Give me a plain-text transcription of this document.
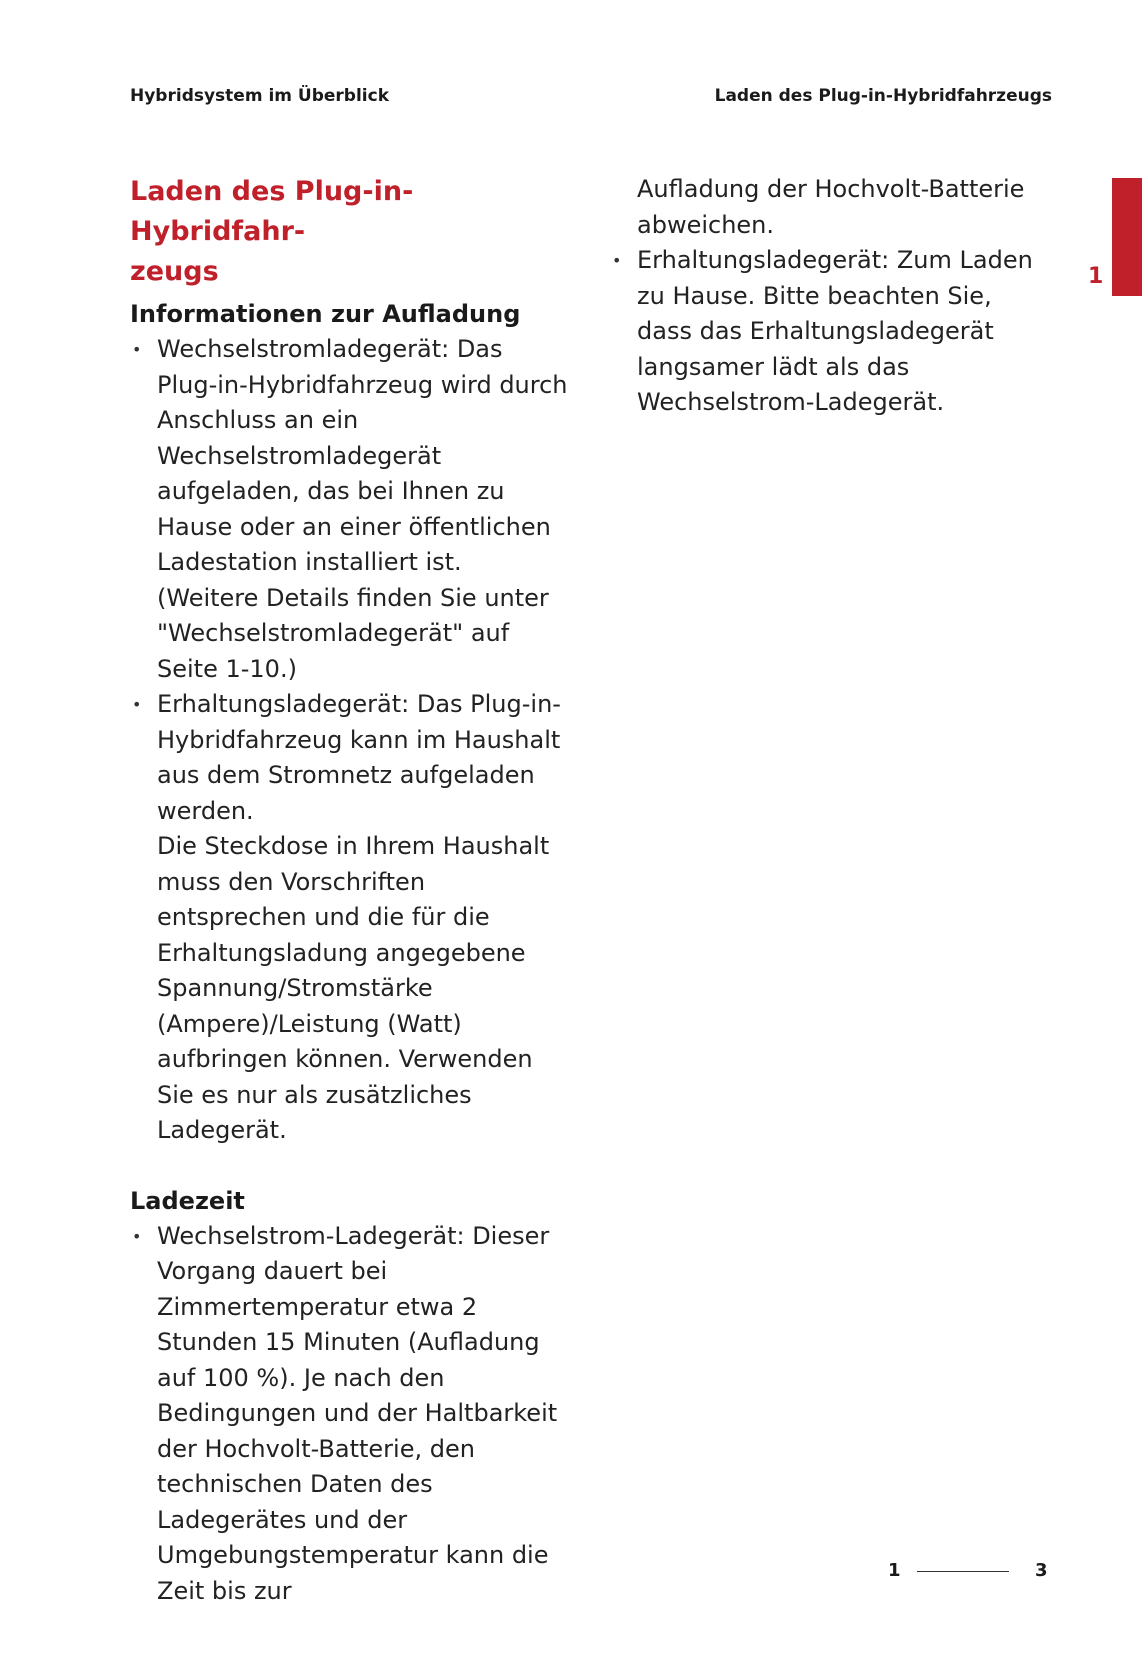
Hybridsystem im Überblick	Laden des Plug-in-Hybridfahrzeugs
Laden des Plug-in-Hybridfahr-
zeugs
Informationen zur Aufladung
• Wechselstromladegerät: Das Plug-in-Hybridfahrzeug wird durch Anschluss an ein Wechselstromladegerät aufgeladen, das bei Ihnen zu Hause oder an einer öffentlichen Ladestation installiert ist. (Weitere Details finden Sie unter "Wechselstromladegerät" auf Seite 1-10.)
• Erhaltungsladegerät: Das Plug-in-Hybridfahrzeug kann im Haushalt aus dem Stromnetz aufgeladen werden.
Die Steckdose in Ihrem Haushalt muss den Vorschriften entsprechen und die für die Erhaltungsladung angegebene Spannung/Stromstärke (Ampere)/Leistung (Watt) aufbringen können. Verwenden Sie es nur als zusätzliches Ladegerät.
Ladezeit
• Wechselstrom-Ladegerät: Dieser Vorgang dauert bei Zimmertemperatur etwa 2 Stunden 15 Minuten (Aufladung auf 100 %). Je nach den Bedingungen und der Haltbarkeit der Hochvolt-Batterie, den technischen Daten des Ladegerätes und der Umgebungstemperatur kann die Zeit bis zur
Aufladung der Hochvolt-Batterie abweichen.
• Erhaltungsladegerät: Zum Laden zu Hause. Bitte beachten Sie, dass das Erhaltungsladegerät langsamer lädt als das Wechselstrom-Ladegerät.
1
1	3
